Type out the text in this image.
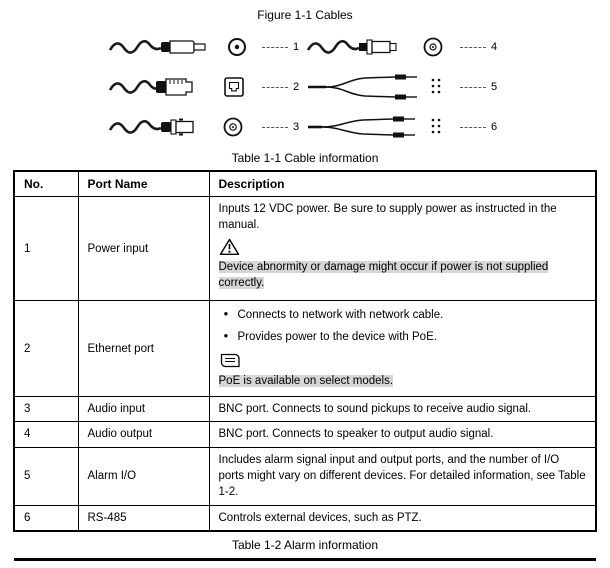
Figure 1-1 Cables
1	4
2	5
3	6
Table 1-1 Cable information
No.	Port Name	Description
1	Power input	Inputs 12 VDC power. Be sure to supply power as instructed in the manual.
Device abnormity or damage might occur if power is not supplied correctly.
2	Ethernet port	
● Connects to network with network cable.
● Provides power to the device with PoE.
PoE is available on select models.
3	Audio input	BNC port. Connects to sound pickups to receive audio signal.
4	Audio output	BNC port. Connects to speaker to output audio signal.
5	Alarm I/O	Includes alarm signal input and output ports, and the number of I/O ports might vary on different devices. For detailed information, see Table 1-2.
6	RS-485	Controls external devices, such as PTZ.
Table 1-2 Alarm information
